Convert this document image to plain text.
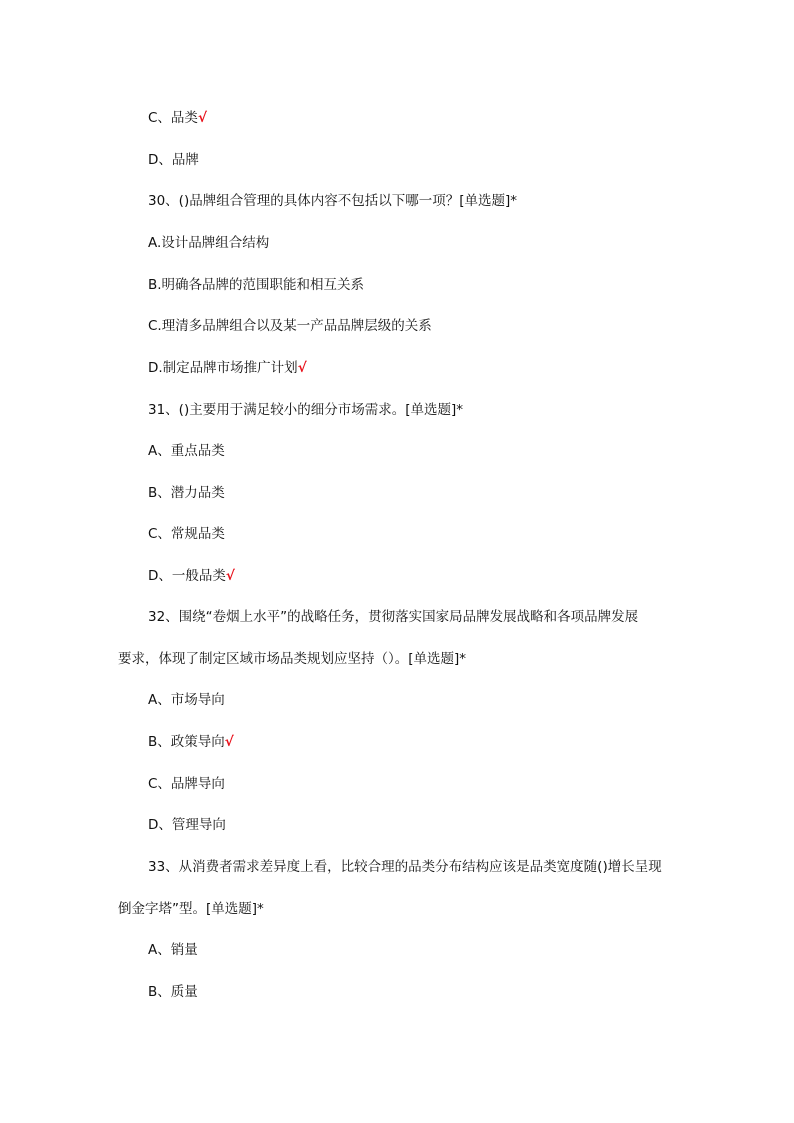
C、品类√
D、品牌
30、()品牌组合管理的具体内容不包括以下哪一项？[单选题]*
A.设计品牌组合结构
B.明确各品牌的范围职能和相互关系
C.理清多品牌组合以及某一产品品牌层级的关系
D.制定品牌市场推广计划√
31、()主要用于满足较小的细分市场需求。[单选题]*
A、重点品类
B、潜力品类
C、常规品类
D、一般品类√
32、围绕“卷烟上水平”的战略任务，贯彻落实国家局品牌发展战略和各项品牌发展
要求，体现了制定区域市场品类规划应坚持（）。[单选题]*
A、市场导向
B、政策导向√
C、品牌导向
D、管理导向
33、从消费者需求差异度上看，比较合理的品类分布结构应该是品类宽度随()增长呈现
倒金字塔”型。[单选题]*
A、销量
B、质量
